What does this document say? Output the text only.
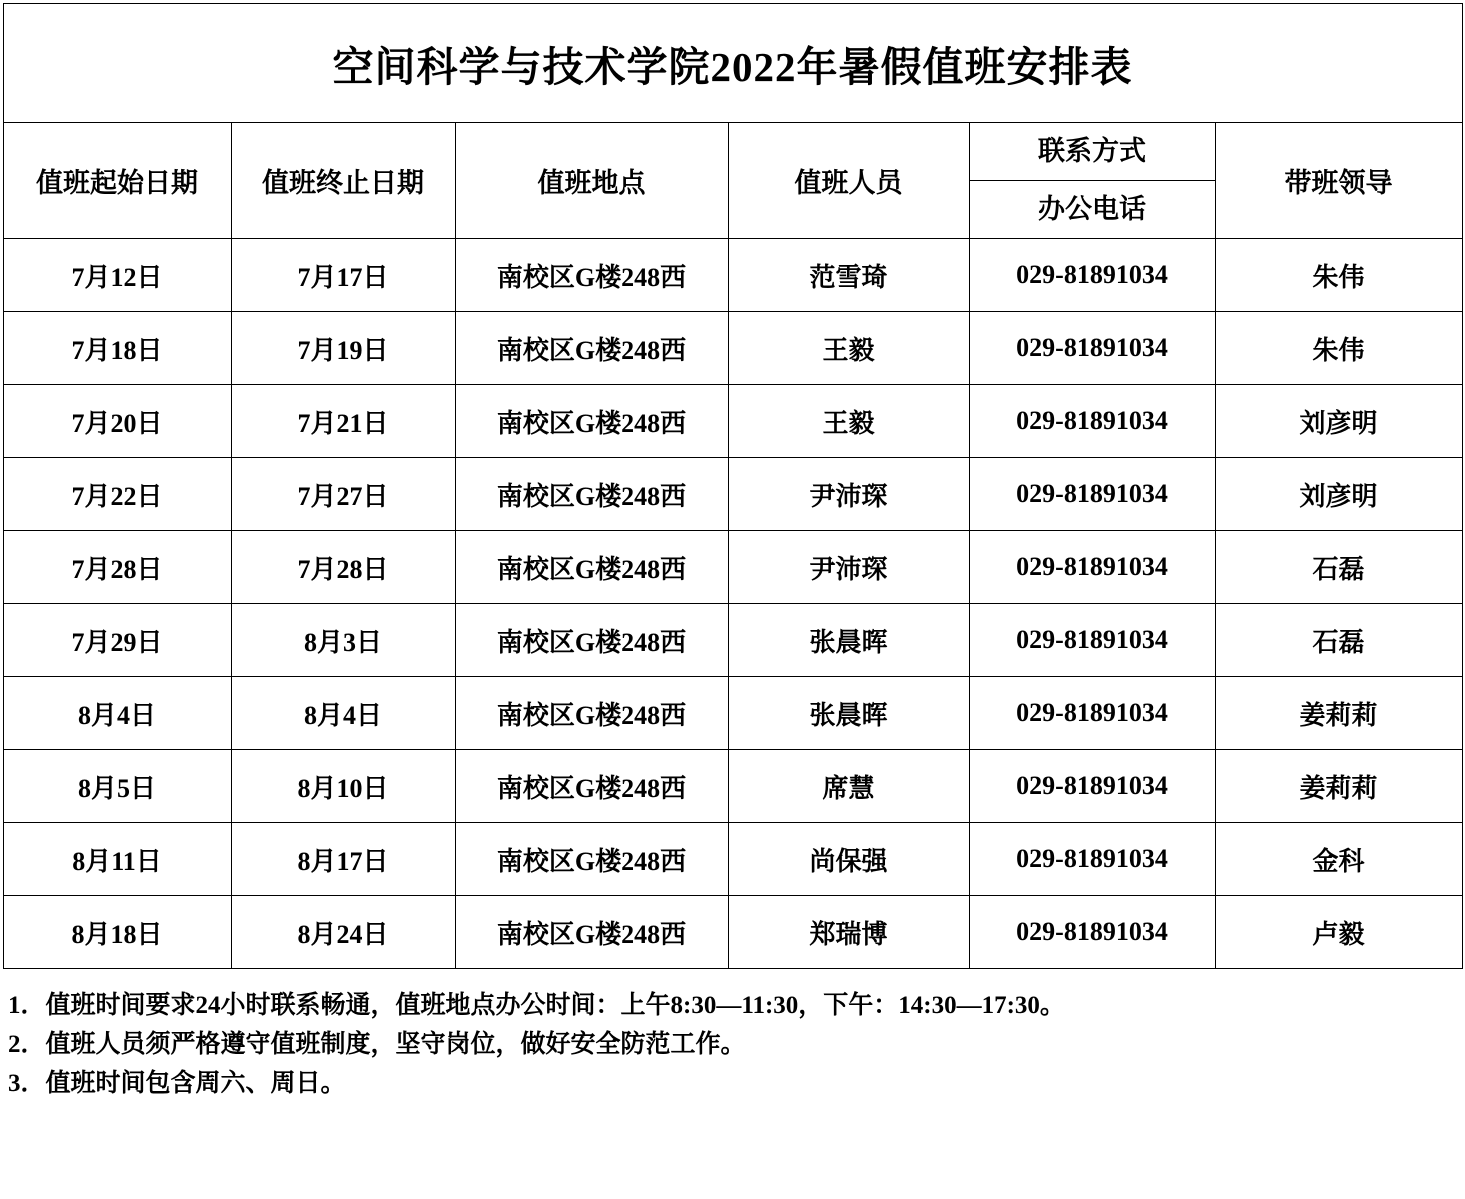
空间科学与技术学院2022年暑假值班安排表					
值班起始日期	值班终止日期	值班地点	值班人员	联系方式
办公电话	带班领导
7月12日	7月17日	南校区G楼248西	范雪琦	029-81891034	朱伟
7月18日	7月19日	南校区G楼248西	王毅	029-81891034	朱伟
7月20日	7月21日	南校区G楼248西	王毅	029-81891034	刘彦明
7月22日	7月27日	南校区G楼248西	尹沛琛	029-81891034	刘彦明
7月28日	7月28日	南校区G楼248西	尹沛琛	029-81891034	石磊
7月29日	8月3日	南校区G楼248西	张晨晖	029-81891034	石磊
8月4日	8月4日	南校区G楼248西	张晨晖	029-81891034	姜莉莉
8月5日	8月10日	南校区G楼248西	席慧	029-81891034	姜莉莉
8月11日	8月17日	南校区G楼248西	尚保强	029-81891034	金科
8月18日	8月24日	南校区G楼248西	郑瑞博	029-81891034	卢毅
1．值班时间要求24小时联系畅通，值班地点办公时间：上午8:30—11:30，下午：14:30—17:30。
2．值班人员须严格遵守值班制度，坚守岗位，做好安全防范工作。
3．值班时间包含周六、周日。
